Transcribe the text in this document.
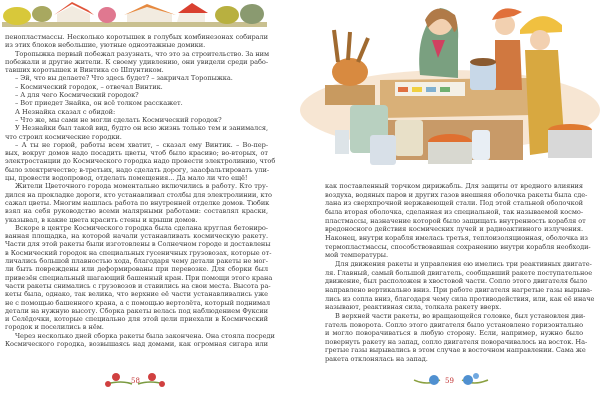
пенопластмассы. Несколько коротышек в голубых комбинезонах собирали
из этих блоков небольшие, уютные одноэтажные домики.
Торопыжка первый побежал разузнать, что это за строительство. За ним
побежали и другие жители. К своему удивлению, они увидели среди рабо-
тавших коротышек и Винтика со Шпунтиком.
– Эй, что вы делаете? Что здесь будет? – закричал Торопыжка.
– Космический городок, – отвечал Винтик.
– А для чего Космический городок?
– Вот приедет Знайка, он всё толком расскажет.
А Незнайка сказал с обидой:
– Что же, мы сами не могли сделать Космический городок?
У Незнайки был такой вид, будто он всю жизнь только тем и занимался,
что строил космические городки.
– А ты не горюй, работы всем хватит, – сказал ему Винтик. – Во-пер-
вых, вокруг домов надо посадить цветы, чтоб было красиво; во-вторых, от
электростанции до Космического городка надо провести электролинию, чтоб
было электричество; в-третьих, надо сделать дорогу, заасфальтировать ули-
цы, провести водопровод, отделать помещения... Да мало ли что ещё!
Жители Цветочного города моментально включились в работу. Кто тру-
дился на прокладке дороги, кто устанавливал столбы для электролинии, кто
сажал цветы. Многим нашлась работа по внутренней отделке домов. Тюбик
взял на себя руководство всеми малярными работами: составлял краски,
указывал, в какие цвета красить стены и крыши домов.
Вскоре в центре Космического городка была сделана круглая бетониро-
ванная площадка, на которой начали устанавливать космическую ракету.
Части для этой ракеты были изготовлены в Солнечном городе и доставлены
в Космический городок на специальных гусеничных грузовозах, которые от-
личались большой плавностью хода, благодаря чему детали ракеты не мог-
ли быть повреждены или деформированы при перевозке. Для сборки был
привезён специальный шагающий башенный кран. При помощи этого крана
части ракеты снимались с грузовозов и ставились на свои места. Высота ра-
кеты была, однако, так велика, что верхние её части устанавливались уже
не с помощью башенного крана, а с помощью вертолёта, который поднимал
детали на нужную высоту. Сборка ракеты велась под наблюдением Фуксии
и Селёдочки, которые специально для этой цели приехали в Космический
городок и поселились в нём.
Через несколько дней сборка ракеты была закончена. Она стояла посреди
Космического городка, возвышаясь над домами, как огромная сигара или
58
как поставленный торчком дирижабль. Для защиты от вредного влияния
воздуха, водяных паров и других газов внешняя оболочка ракеты была сде-
лана из сверхпрочной нержавеющей стали. Под этой стальной оболочкой
была вторая оболочка, сделанная из специальной, так называемой космо-
пластмассы, назначение которой было защищать внутренность корабля от
вредоносного действия космических лучей и радиоактивного излучения.
Наконец, внутри корабля имелась третья, теплоизоляционная, оболочка из
термопластмассы, способствовавшая сохранению внутри корабля необходи-
мой температуры.
Для движения ракеты и управления ею имелись три реактивных двигате-
ля. Главный, самый большой двигатель, сообщавший ракете поступательное
движение, был расположен в хвостовой части. Сопло этого двигателя было
направлено вертикально вниз. При работе двигателя нагретые газы вырыва-
лись из сопла вниз, благодаря чему сила противодействия, или, как её иначе
называют, реактивная сила, толкала ракету вверх.
В верхней части ракеты, во вращающейся головке, был установлен дви-
гатель поворота. Сопло этого двигателя было установлено горизонтально
и могло поворачиваться в любую сторону. Если, например, нужно было
повернуть ракету на запад, сопло двигателя поворачивалось на восток. На-
гретые газы вырывались в этом случае в восточном направлении. Сама же
ракета отклонялась на запад.
59
